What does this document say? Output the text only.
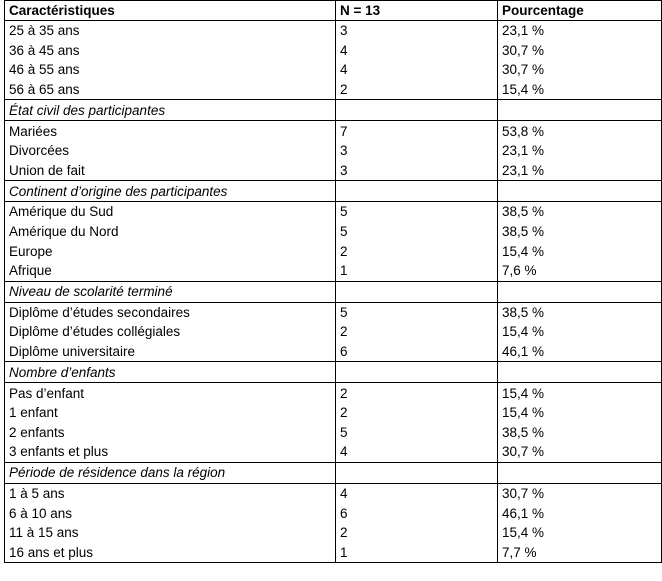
Caractéristiques	N = 13	Pourcentage
25 à 35 ans	3	23,1 %
36 à 45 ans	4	30,7 %
46 à 55 ans	4	30,7 %
56 à 65 ans	2	15,4 %
État civil des participantes		
Mariées	7	53,8 %
Divorcées	3	23,1 %
Union de fait	3	23,1 %
Continent d’origine des participantes		
Amérique du Sud	5	38,5 %
Amérique du Nord	5	38,5 %
Europe	2	15,4 %
Afrique	1	7,6 %
Niveau de scolarité terminé		
Diplôme d’études secondaires	5	38,5 %
Diplôme d’études collégiales	2	15,4 %
Diplôme universitaire	6	46,1 %
Nombre d’enfants		
Pas d’enfant	2	15,4 %
1 enfant	2	15,4 %
2 enfants	5	38,5 %
3 enfants et plus	4	30,7 %
Période de résidence dans la région		
1 à 5 ans	4	30,7 %
6 à 10 ans	6	46,1 %
11 à 15 ans	2	15,4 %
16 ans et plus	1	7,7 %
